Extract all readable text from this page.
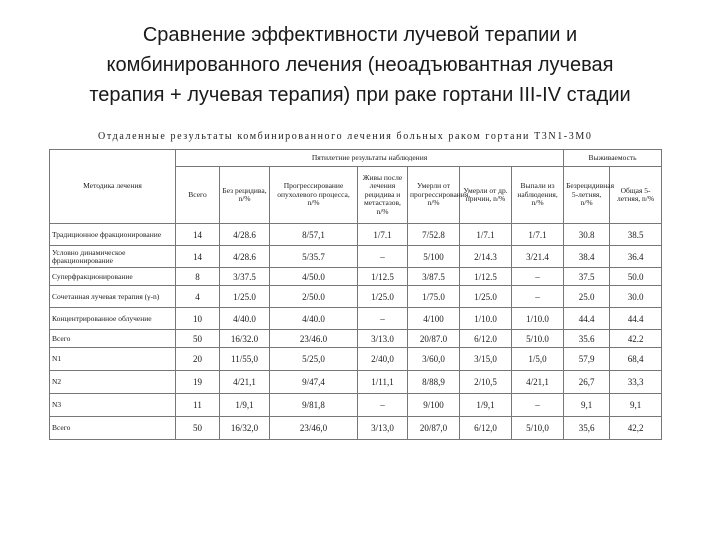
Сравнение эффективности лучевой терапии и
комбинированного лечения (неоадъювантная лучевая
терапия + лучевая терапия) при раке гортани III-IV стадии
Отдаленные результаты комбинированного лечения больных раком гортани T3N1-3M0
Методика лечения	Пятилетние результаты наблюдения							Выживаемость	
	Всего	Без рецидива, n/%	Прогрессирование опухолевого процесса, n/%	Живы после лечения рецидива и метастазов, n/%	Умерли от прогрессирования, n/%	Умерли от др. причин, n/%	Выпали из наблюдения, n/%	Безрецидивная 5-летняя, n/%	Общая 5-летняя, n/%
Традиционное фракционирование	14	4/28.6	8/57,1	1/7.1	7/52.8	1/7.1	1/7.1	30.8	38.5
Условно динамическое фракционирование	14	4/28.6	5/35.7	–	5/100	2/14.3	3/21.4	38.4	36.4
Суперфракционирование	8	3/37.5	4/50.0	1/12.5	3/87.5	1/12.5	–	37.5	50.0
Сочетанная лучевая терапия (γ-n)	4	1/25.0	2/50.0	1/25.0	1/75.0	1/25.0	–	25.0	30.0
Концентрированное облучение	10	4/40.0	4/40.0	–	4/100	1/10.0	1/10.0	44.4	44.4
Всего	50	16/32.0	23/46.0	3/13.0	20/87.0	6/12.0	5/10.0	35.6	42.2
N1	20	11/55,0	5/25,0	2/40,0	3/60,0	3/15,0	1/5,0	57,9	68,4
N2	19	4/21,1	9/47,4	1/11,1	8/88,9	2/10,5	4/21,1	26,7	33,3
N3	11	1/9,1	9/81,8	–	9/100	1/9,1	–	9,1	9,1
Всего	50	16/32,0	23/46,0	3/13,0	20/87,0	6/12,0	5/10,0	35,6	42,2
